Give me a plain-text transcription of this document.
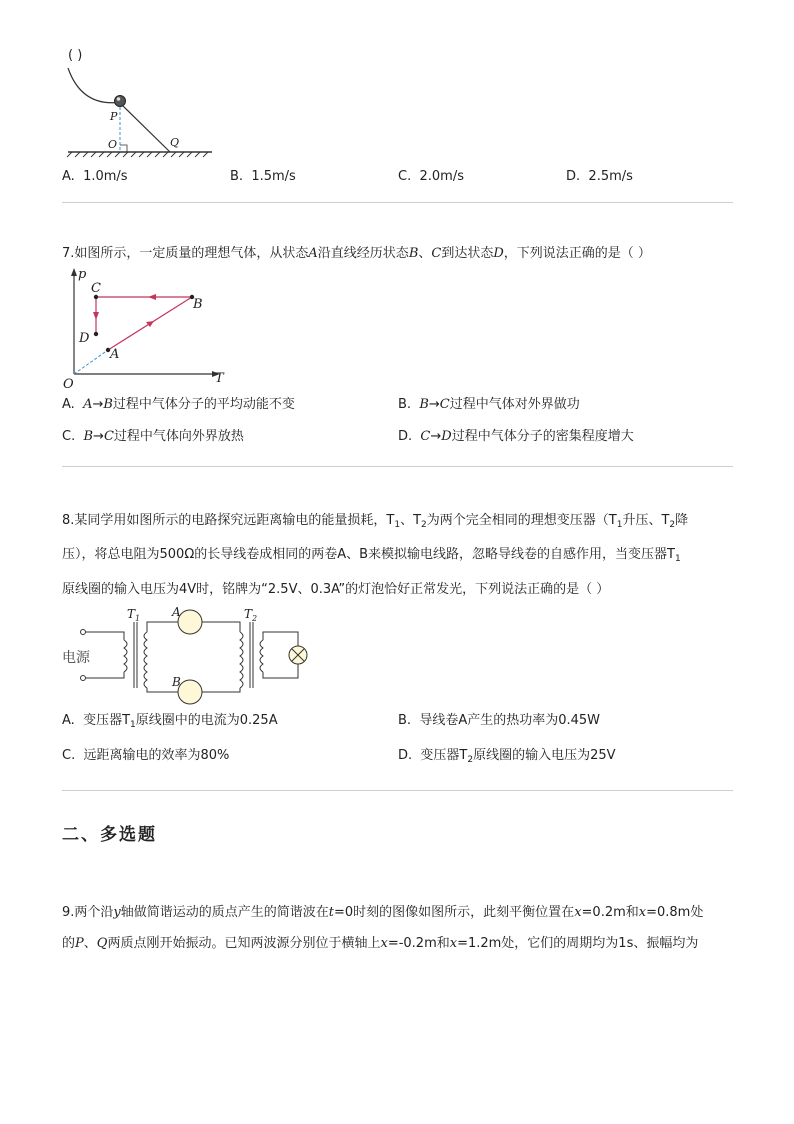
( )
P
O	Q
A. 1.0m/s	B. 1.5m/s	C. 2.0m/s	D. 2.5m/s
7.如图所示，一定质量的理想气体，从状态A沿直线经历状态B、C到达状态D，下列说法正确的是（ ）
p
C
B
D
A
O	T
A. A→B过程中气体分子的平均动能不变	B. B→C过程中气体对外界做功
C. B→C过程中气体向外界放热	D. C→D过程中气体分子的密集程度增大
8.某同学用如图所示的电路探究远距离输电的能量损耗，$T_1$、$T_2$为两个完全相同的理想变压器（$T_1$升压、$T_2$降
压），将总电阻为500Ω的长导线卷成相同的两卷A、B来模拟输电线路，忽略导线卷的自感作用，当变压器$T_1$
原线圈的输入电压为4V时，铭牌为“2.5V、0.3A”的灯泡恰好正常发光，下列说法正确的是（ ）
电源
$T_1$	A
B
$T_2$
A. 变压器$T_1$原线圈中的电流为0.25A	B. 导线卷A产生的热功率为0.45W
C. 远距离输电的效率为80%	D. 变压器$T_2$原线圈的输入电压为25V
二、多选题
9.两个沿y轴做简谐运动的质点产生的简谐波在t=0时刻的图像如图所示，此刻平衡位置在x=0.2m和x=0.8m处
的P、Q两质点刚开始振动。已知两波源分别位于横轴上x=-0.2m和x=1.2m处，它们的周期均为1s、振幅均为
